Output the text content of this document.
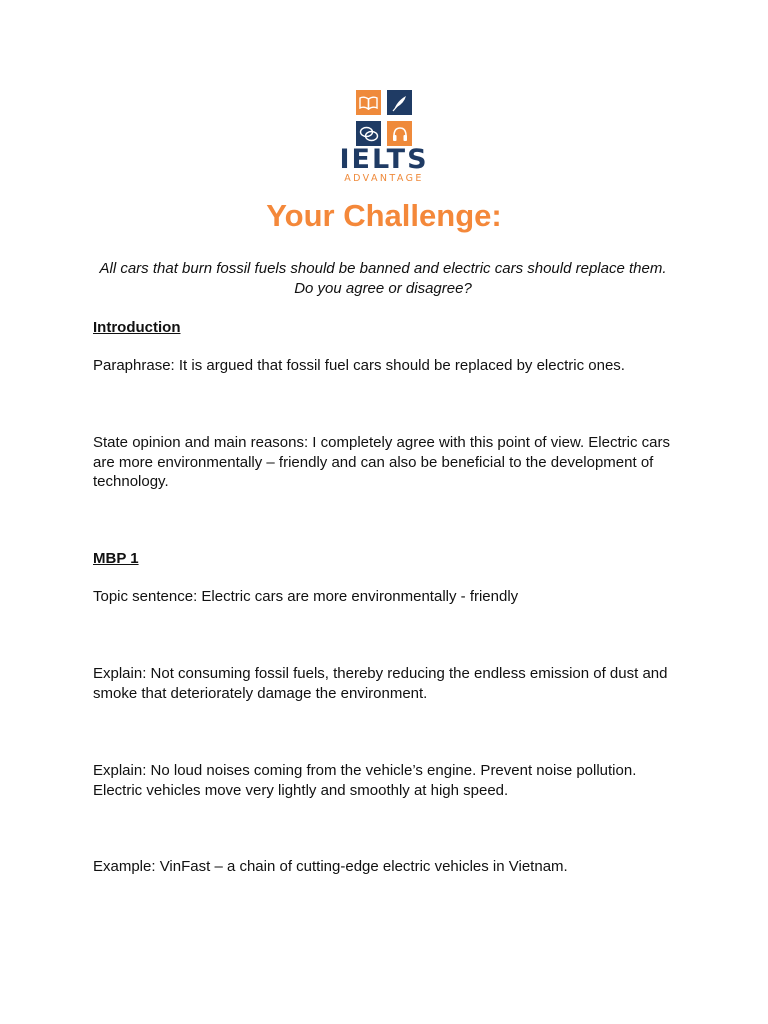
IELTS
ADVANTAGE
Your Challenge:

All cars that burn fossil fuels should be banned and electric cars should replace them. Do you agree or disagree?

Introduction

Paraphrase: It is argued that fossil fuel cars should be replaced by electric ones.

State opinion and main reasons: I completely agree with this point of view. Electric cars are more environmentally – friendly and can also be beneficial to the development of technology.

MBP 1

Topic sentence: Electric cars are more environmentally - friendly

Explain: Not consuming fossil fuels, thereby reducing the endless emission of dust and smoke that deteriorately damage the environment.

Explain: No loud noises coming from the vehicle’s engine. Prevent noise pollution. Electric vehicles move very lightly and smoothly at high speed.

Example: VinFast – a chain of cutting-edge electric vehicles in Vietnam.
